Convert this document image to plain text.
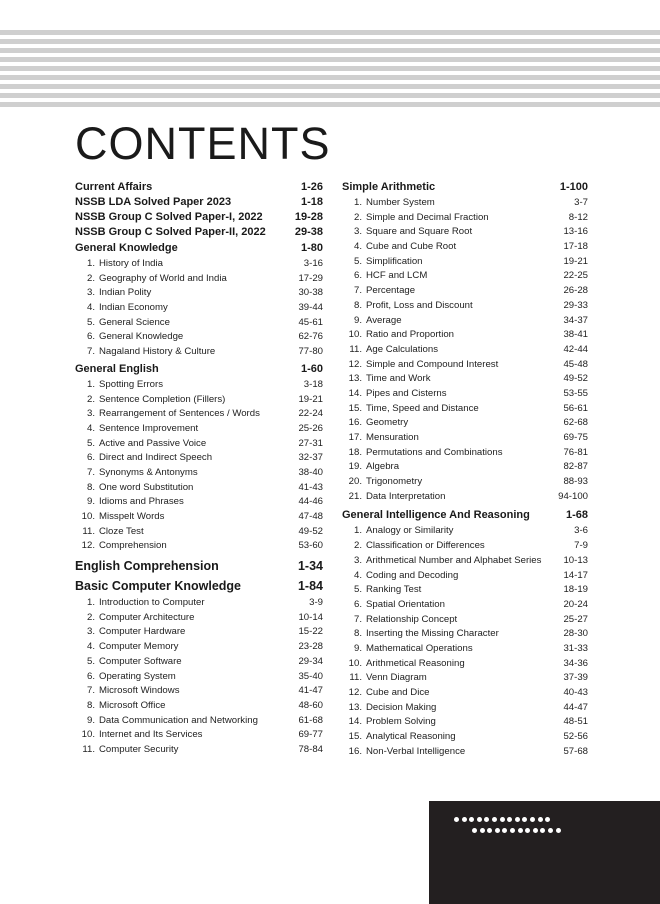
CONTENTS
Current Affairs	1-26
NSSB LDA Solved Paper 2023	1-18
NSSB Group C Solved Paper-I, 2022	19-28
NSSB Group C Solved Paper-II, 2022	29-38
General Knowledge	1-80
1. History of India	3-16
2. Geography of World and India	17-29
3. Indian Polity	30-38
4. Indian Economy	39-44
5. General Science	45-61
6. General Knowledge	62-76
7. Nagaland History & Culture	77-80
General English	1-60
1. Spotting Errors	3-18
2. Sentence Completion (Fillers)	19-21
3. Rearrangement of Sentences / Words	22-24
4. Sentence Improvement	25-26
5. Active and Passive Voice	27-31
6. Direct and Indirect Speech	32-37
7. Synonyms & Antonyms	38-40
8. One word Substitution	41-43
9. Idioms and Phrases	44-46
10. Misspelt Words	47-48
11. Cloze Test	49-52
12. Comprehension	53-60
English Comprehension	1-34
Basic Computer Knowledge	1-84
1. Introduction to Computer	3-9
2. Computer Architecture	10-14
3. Computer Hardware	15-22
4. Computer Memory	23-28
5. Computer Software	29-34
6. Operating System	35-40
7. Microsoft Windows	41-47
8. Microsoft Office	48-60
9. Data Communication and Networking	61-68
10. Internet and Its Services	69-77
11. Computer Security	78-84
Simple Arithmetic	1-100
1. Number System	3-7
2. Simple and Decimal Fraction	8-12
3. Square and Square Root	13-16
4. Cube and Cube Root	17-18
5. Simplification	19-21
6. HCF and LCM	22-25
7. Percentage	26-28
8. Profit, Loss and Discount	29-33
9. Average	34-37
10. Ratio and Proportion	38-41
11. Age Calculations	42-44
12. Simple and Compound Interest	45-48
13. Time and Work	49-52
14. Pipes and Cisterns	53-55
15. Time, Speed and Distance	56-61
16. Geometry	62-68
17. Mensuration	69-75
18. Permutations and Combinations	76-81
19. Algebra	82-87
20. Trigonometry	88-93
21. Data Interpretation	94-100
General Intelligence And Reasoning	1-68
1. Analogy or Similarity	3-6
2. Classification or Differences	7-9
3. Arithmetical Number and Alphabet Series	10-13
4. Coding and Decoding	14-17
5. Ranking Test	18-19
6. Spatial Orientation	20-24
7. Relationship Concept	25-27
8. Inserting the Missing Character	28-30
9. Mathematical Operations	31-33
10. Arithmetical Reasoning	34-36
11. Venn Diagram	37-39
12. Cube and Dice	40-43
13. Decision Making	44-47
14. Problem Solving	48-51
15. Analytical Reasoning	52-56
16. Non-Verbal Intelligence	57-68
